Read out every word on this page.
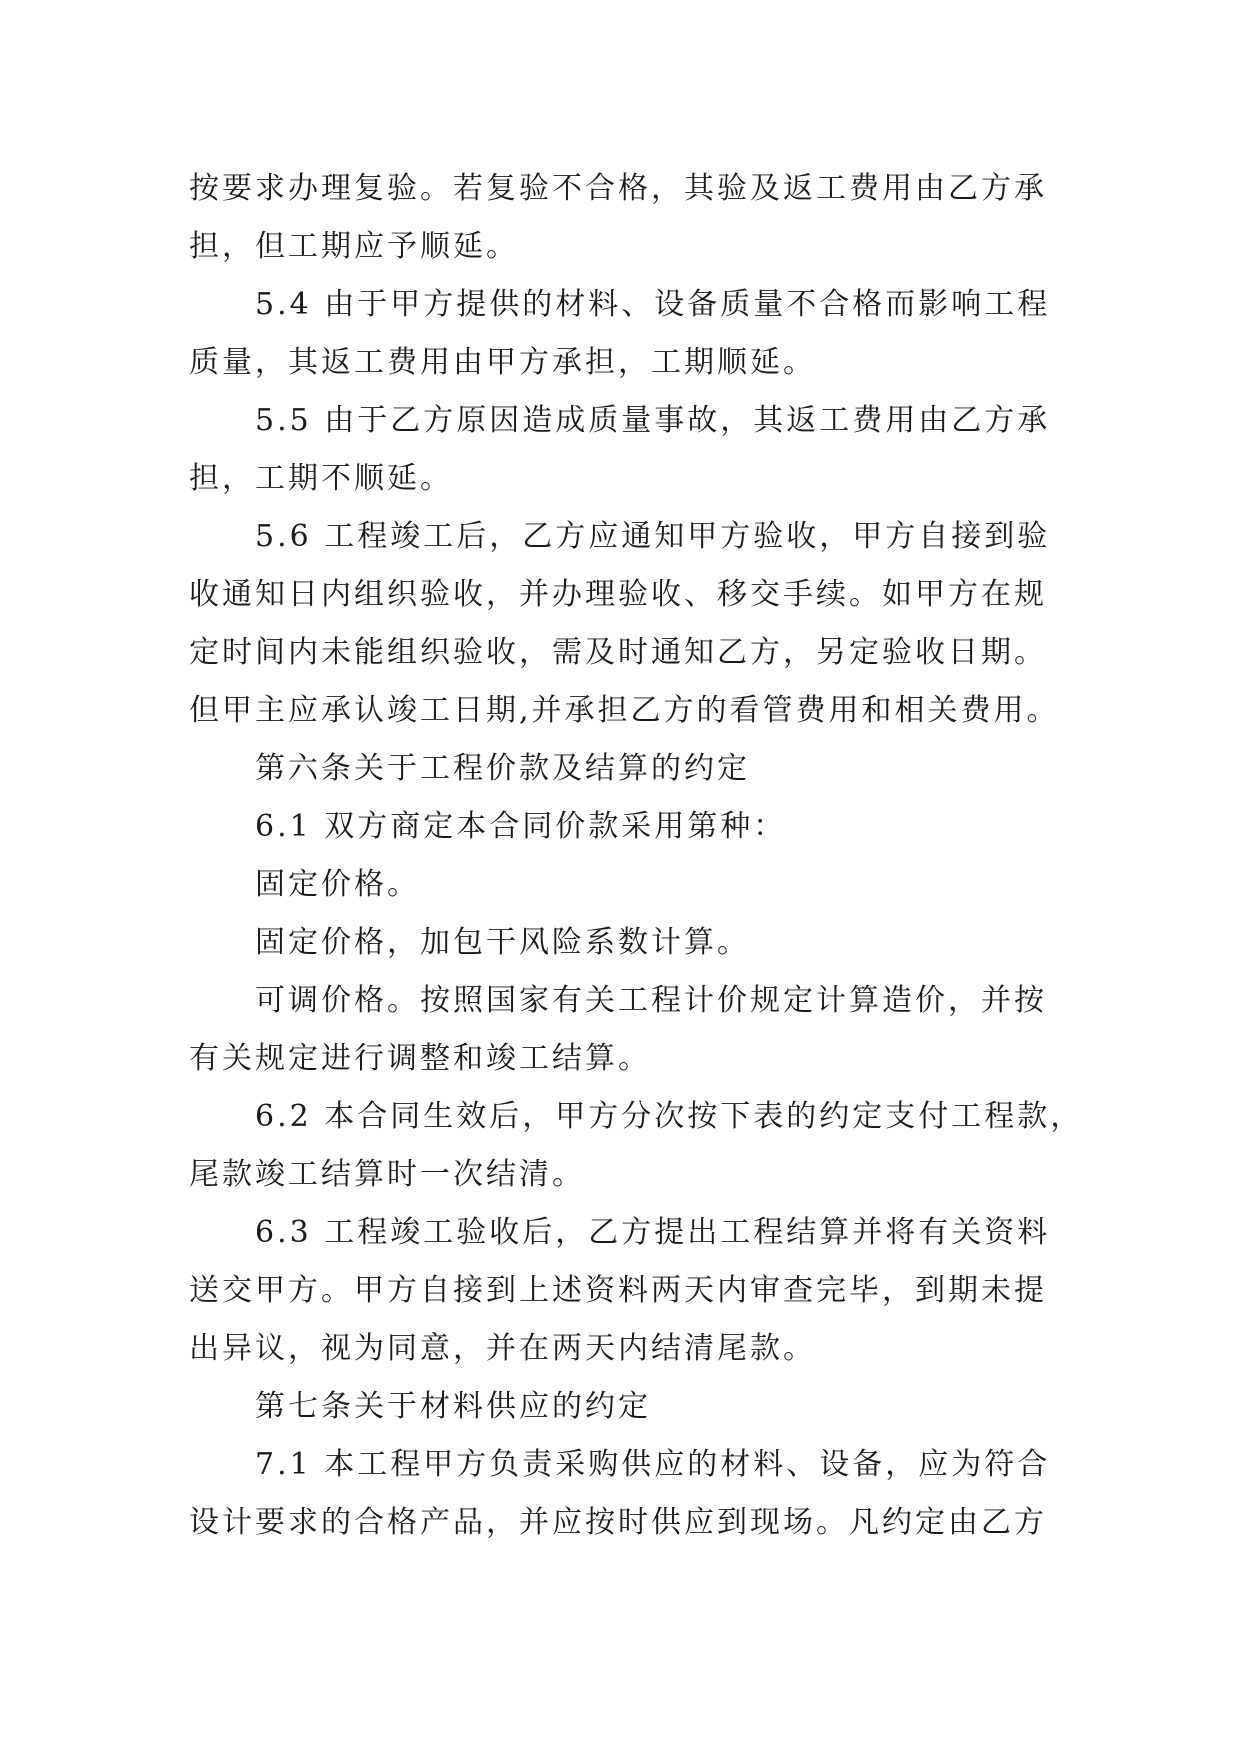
按要求办理复验。若复验不合格，其验及返工费用由乙方承
担，但工期应予顺延。
5.4 由于甲方提供的材料、设备质量不合格而影响工程
质量，其返工费用由甲方承担，工期顺延。
5.5 由于乙方原因造成质量事故，其返工费用由乙方承
担，工期不顺延。
5.6 工程竣工后，乙方应通知甲方验收，甲方自接到验
收通知日内组织验收，并办理验收、移交手续。如甲方在规
定时间内未能组织验收，需及时通知乙方，另定验收日期。
但甲主应承认竣工日期,并承担乙方的看管费用和相关费用。
第六条关于工程价款及结算的约定
6.1 双方商定本合同价款采用第种：
固定价格。
固定价格，加包干风险系数计算。
可调价格。按照国家有关工程计价规定计算造价，并按
有关规定进行调整和竣工结算。
6.2 本合同生效后，甲方分次按下表的约定支付工程款，
尾款竣工结算时一次结清。
6.3 工程竣工验收后，乙方提出工程结算并将有关资料
送交甲方。甲方自接到上述资料两天内审查完毕，到期未提
出异议，视为同意，并在两天内结清尾款。
第七条关于材料供应的约定
7.1 本工程甲方负责采购供应的材料、设备，应为符合
设计要求的合格产品，并应按时供应到现场。凡约定由乙方
